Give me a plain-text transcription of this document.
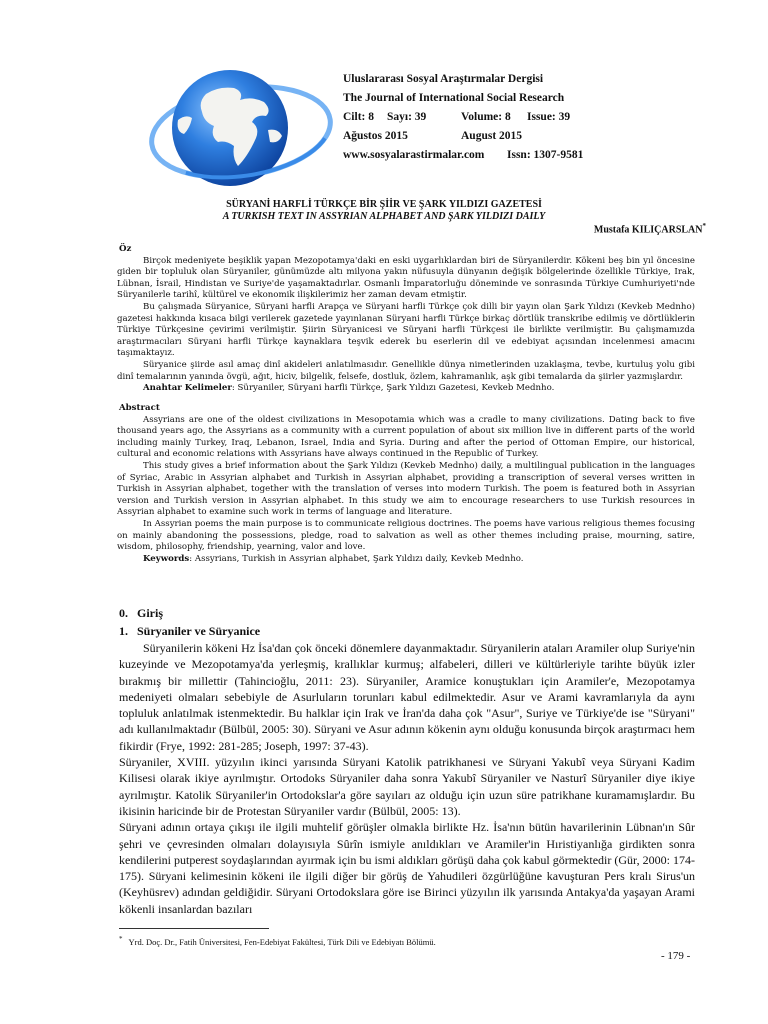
Uluslararası Sosyal Araştırmalar Dergisi
The Journal of International Social Research
Cilt: 8	Sayı: 39	Volume: 8	Issue: 39
Ağustos 2015	August 2015
www.sosyalarastirmalar.com	Issn: 1307-9581
SÜRYANİ HARFLİ TÜRKÇE BİR ŞİİR VE ŞARK YILDIZI GAZETESİ
A TURKISH TEXT IN ASSYRIAN ALPHABET AND ŞARK YILDIZI DAILY
Mustafa KILIÇARSLAN*

Öz

Birçok medeniyete beşiklik yapan Mezopotamya'daki en eski uygarlıklardan biri de Süryanilerdir. Kökeni beş bin yıl öncesine giden bir topluluk olan Süryaniler, günümüzde altı milyona yakın nüfusuyla dünyanın değişik bölgelerinde özellikle Türkiye, Irak, Lübnan, İsrail, Hindistan ve Suriye'de yaşamaktadırlar. Osmanlı İmparatorluğu döneminde ve sonrasında Türkiye Cumhuriyeti'nde Süryanilerle tarihî, kültürel ve ekonomik ilişkilerimiz her zaman devam etmiştir.

Bu çalışmada Süryanice, Süryani harfli Arapça ve Süryani harfli Türkçe çok dilli bir yayın olan Şark Yıldızı (Kevkeb Mednho) gazetesi hakkında kısaca bilgi verilerek gazetede yayınlanan Süryani harfli Türkçe birkaç dörtlük transkribe edilmiş ve dörtlüklerin Türkiye Türkçesine çevirimi verilmiştir. Şiirin Süryanicesi ve Süryani harfli Türkçesi ile birlikte verilmiştir. Bu çalışmamızda araştırmacıları Süryani harfli Türkçe kaynaklara teşvik ederek bu eserlerin dil ve edebiyat açısından incelenmesi amacını taşımaktayız.

Süryanice şiirde asıl amaç dinî akideleri anlatılmasıdır. Genellikle dünya nimetlerinden uzaklaşma, tevbe, kurtuluş yolu gibi dinî temalarının yanında övgü, ağıt, hiciv, bilgelik, felsefe, dostluk, özlem, kahramanlık, aşk gibi temalarda da şiirler yazmışlardır.

Anahtar Kelimeler: Süryaniler, Süryani harfli Türkçe, Şark Yıldızı Gazetesi, Kevkeb Mednho.

Abstract

Assyrians are one of the oldest civilizations in Mesopotamia which was a cradle to many civilizations. Dating back to five thousand years ago, the Assyrians as a community with a current population of about six million live in different parts of the world including mainly Turkey, Iraq, Lebanon, Israel, India and Syria. During and after the period of Ottoman Empire, our historical, cultural and economic relations with Assyrians have always continued in the Republic of Turkey.

This study gives a brief information about the Şark Yıldızı (Kevkeb Mednho) daily, a multilingual publication in the languages of Syriac, Arabic in Assyrian alphabet and Turkish in Assyrian alphabet, providing a transcription of several verses written in Turkish in Assyrian alphabet, together with the translation of verses into modern Turkish. The poem is featured both in Assyrian version and Turkish version in Assyrian alphabet. In this study we aim to encourage researchers to use Turkish resources in Assyrian alphabet to examine such work in terms of language and literature.

In Assyrian poems the main purpose is to communicate religious doctrines. The poems have various religious themes focusing on mainly abandoning the possessions, pledge, road to salvation as well as other themes including praise, mourning, satire, wisdom, philosophy, friendship, yearning, valor and love.

Keywords: Assyrians, Turkish in Assyrian alphabet, Şark Yıldızı daily, Kevkeb Mednho.

0.   Giriş
1.   Süryaniler ve Süryanice

Süryanilerin kökeni Hz İsa'dan çok önceki dönemlere dayanmaktadır. Süryanilerin ataları Aramiler olup Suriye'nin kuzeyinde ve Mezopotamya'da yerleşmiş, krallıklar kurmuş; alfabeleri, dilleri ve kültürleriyle tarihte büyük izler bırakmış bir millettir (Tahincioğlu, 2011: 23). Süryaniler, Aramice konuştukları için Aramiler'e, Mezopotamya medeniyeti olmaları sebebiyle de Asurluların torunları kabul edilmektedir. Asur ve Arami kavramlarıyla da aynı topluluk anlatılmak istenmektedir. Bu halklar için Irak ve İran'da daha çok "Asur", Suriye ve Türkiye'de ise "Süryani" adı kullanılmaktadır (Bülbül, 2005: 30). Süryani ve Asur adının kökenin aynı olduğu konusunda birçok araştırmacı hem fikirdir (Frye, 1992: 281-285; Joseph, 1997: 37-43).

Süryaniler, XVIII. yüzyılın ikinci yarısında Süryani Katolik patrikhanesi ve Süryani Yakubî veya Süryani Kadim Kilisesi olarak ikiye ayrılmıştır. Ortodoks Süryaniler daha sonra Yakubî Süryaniler ve Nasturî Süryaniler diye ikiye ayrılmıştır. Katolik Süryaniler'in Ortodokslar'a göre sayıları az olduğu için uzun süre patrikhane kuramamışlardır. Bu ikisinin haricinde bir de Protestan Süryaniler vardır (Bülbül, 2005: 13).

Süryani adının ortaya çıkışı ile ilgili muhtelif görüşler olmakla birlikte Hz. İsa'nın bütün havarilerinin Lübnan'ın Sûr şehri ve çevresinden olmaları dolayısıyla Sûrîn ismiyle anıldıkları ve Aramiler'in Hıristiyanlığa girdikten sonra kendilerini putperest soydaşlarından ayırmak için bu ismi aldıkları görüşü daha çok kabul görmektedir (Gür, 2000: 174-175). Süryani kelimesinin kökeni ile ilgili diğer bir görüş de Yahudileri özgürlüğüne kavuşturan Pers kralı Sirus'un (Keyhüsrev) adından geldiğidir. Süryani Ortodokslara göre ise Birinci yüzyılın ilk yarısında Antakya'da yaşayan Arami kökenli insanlardan bazıları

* Yrd. Doç. Dr., Fatih Üniversitesi, Fen-Edebiyat Fakültesi, Türk Dili ve Edebiyatı Bölümü.
- 179 -
